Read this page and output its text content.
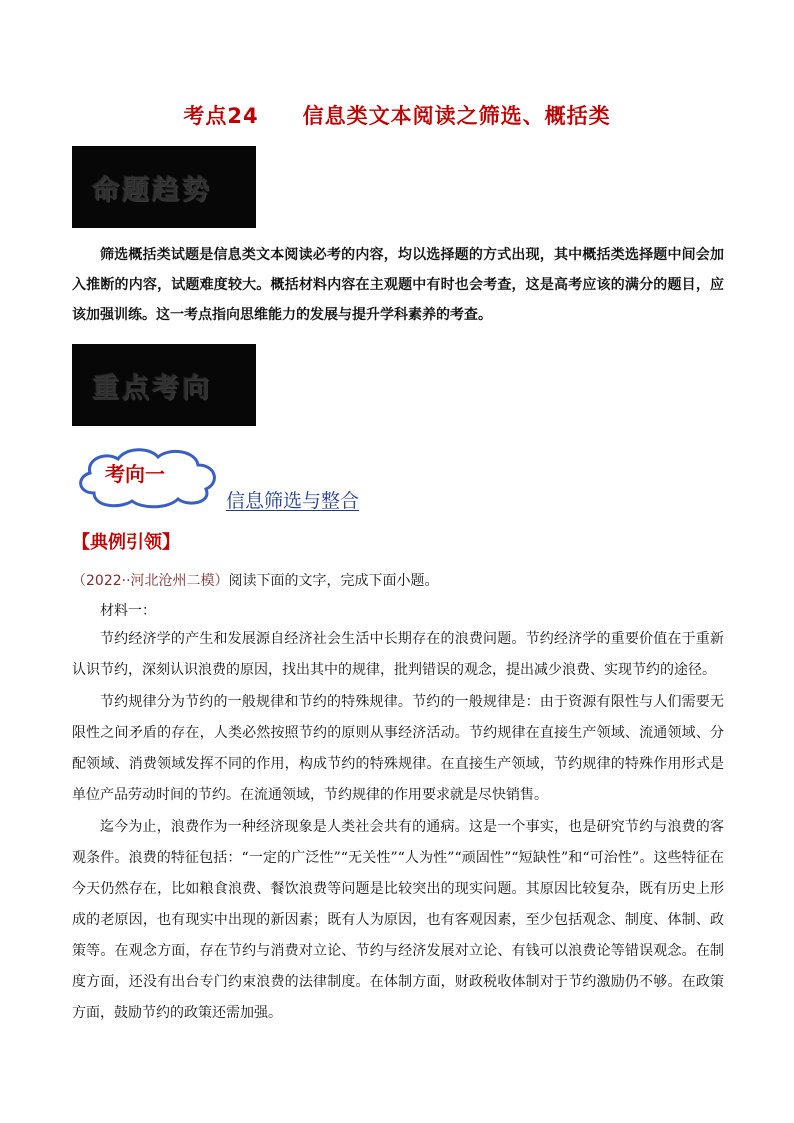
考点24　　信息类文本阅读之筛选、概括类
命题趋势

筛选概括类试题是信息类文本阅读必考的内容，均以选择题的方式出现，其中概括类选择题中间会加入推断的内容，试题难度较大。概括材料内容在主观题中有时也会考查，这是高考应该的满分的题目，应该加强训练。这一考点指向思维能力的发展与提升学科素养的考查。

重点考向
考向一
信息筛选与整合
【典例引领】
（2022··河北沧州二模）阅读下面的文字，完成下面小题。
材料一：

节约经济学的产生和发展源自经济社会生活中长期存在的浪费问题。节约经济学的重要价值在于重新认识节约，深刻认识浪费的原因，找出其中的规律，批判错误的观念，提出减少浪费、实现节约的途径。

节约规律分为节约的一般规律和节约的特殊规律。节约的一般规律是：由于资源有限性与人们需要无限性之间矛盾的存在，人类必然按照节约的原则从事经济活动。节约规律在直接生产领域、流通领域、分配领域、消费领域发挥不同的作用，构成节约的特殊规律。在直接生产领域，节约规律的特殊作用形式是单位产品劳动时间的节约。在流通领域，节约规律的作用要求就是尽快销售。

迄今为止，浪费作为一种经济现象是人类社会共有的通病。这是一个事实，也是研究节约与浪费的客观条件。浪费的特征包括：“一定的广泛性”“无关性”“人为性”“顽固性”“短缺性”和“可治性”。这些特征在今天仍然存在，比如粮食浪费、餐饮浪费等问题是比较突出的现实问题。其原因比较复杂，既有历史上形成的老原因，也有现实中出现的新因素；既有人为原因，也有客观因素，至少包括观念、制度、体制、政策等。在观念方面，存在节约与消费对立论、节约与经济发展对立论、有钱可以浪费论等错误观念。在制度方面，还没有出台专门约束浪费的法律制度。在体制方面，财政税收体制对于节约激励仍不够。在政策方面，鼓励节约的政策还需加强。
